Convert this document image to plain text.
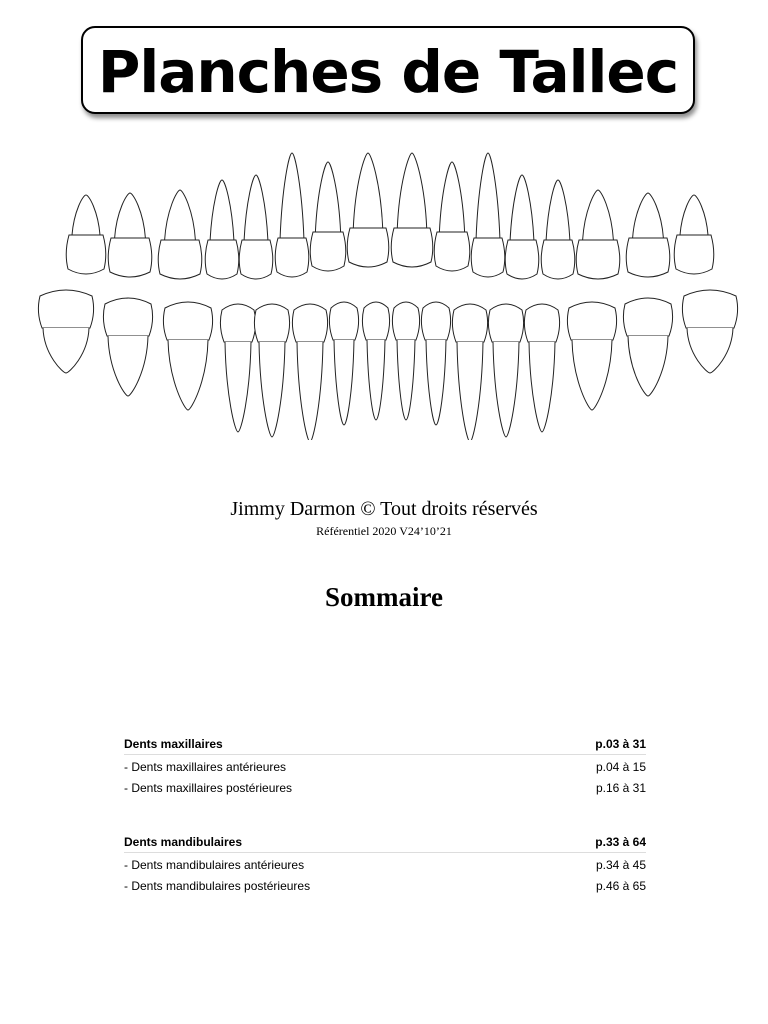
Planches de Tallec
Jimmy Darmon © Tout droits réservés
Référentiel 2020 V24’10’21
Sommaire
Dents maxillaires	p.03 à 31
- Dents maxillaires antérieures	p.04 à 15
- Dents maxillaires postérieures	p.16 à 31
Dents mandibulaires	p.33 à 64
- Dents mandibulaires antérieures	p.34 à 45
- Dents mandibulaires postérieures	p.46 à 65
